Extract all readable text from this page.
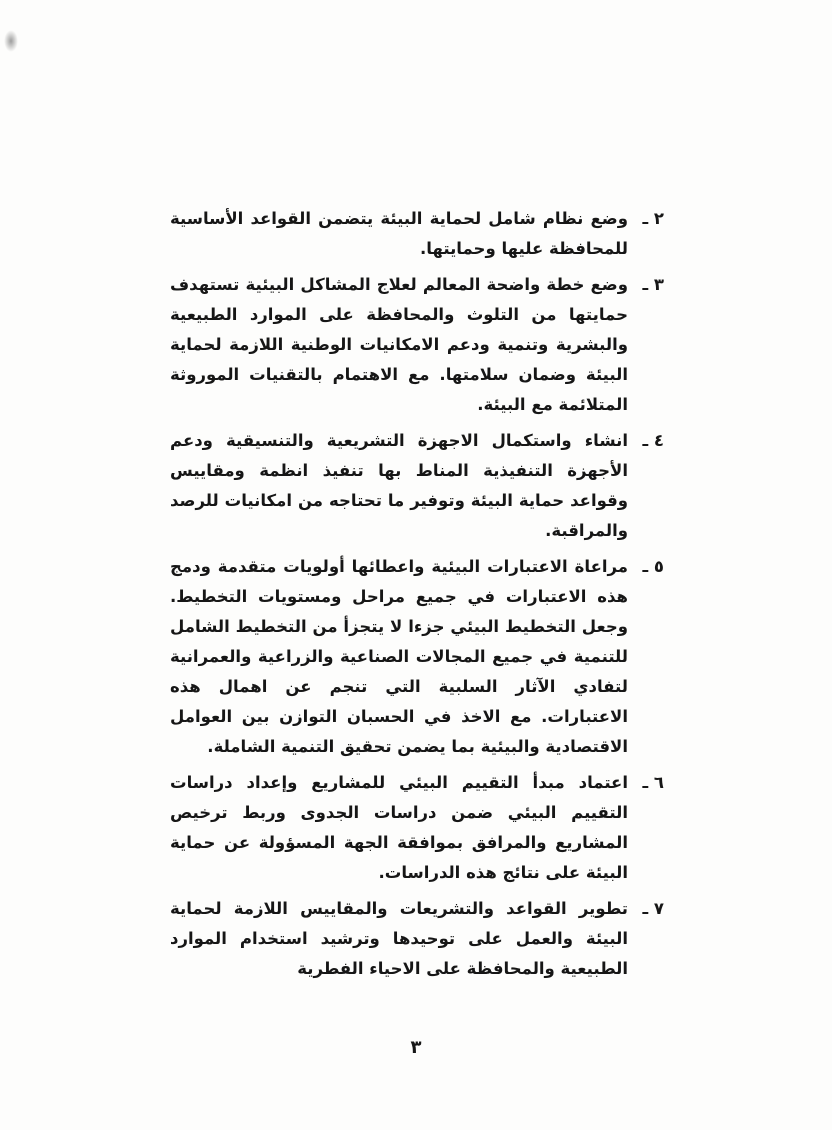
٢ ـ
وضع نظام شامل لحماية البيئة يتضمن القواعد الأساسية للمحافظة عليها وحمايتها.

٣ ـ
وضع خطة واضحة المعالم لعلاج المشاكل البيئية تستهدف حمايتها من التلوث والمحافظة على الموارد الطبيعية والبشرية وتنمية ودعم الامكانيات الوطنية اللازمة لحماية البيئة وضمان سلامتها. مع الاهتمام بالتقنيات الموروثة المتلائمة مع البيئة.

٤ ـ
انشاء واستكمال الاجهزة التشريعية والتنسيقية ودعم الأجهزة التنفيذية المناط بها تنفيذ انظمة ومقاييس وقواعد حماية البيئة وتوفير ما تحتاجه من امكانيات للرصد والمراقبة.

٥ ـ
مراعاة الاعتبارات البيئية واعطائها أولويات متقدمة ودمج هذه الاعتبارات في جميع مراحل ومستويات التخطيط. وجعل التخطيط البيئي جزءا لا يتجزأ من التخطيط الشامل للتنمية في جميع المجالات الصناعية والزراعية والعمرانية لتفادي الآثار السلبية التي تنجم عن اهمال هذه الاعتبارات. مع الاخذ في الحسبان التوازن بين العوامل الاقتصادية والبيئية بما يضمن تحقيق التنمية الشاملة.

٦ ـ
اعتماد مبدأ التقييم البيئي للمشاريع وإعداد دراسات التقييم البيئي ضمن دراسات الجدوى وربط ترخيص المشاريع والمرافق بموافقة الجهة المسؤولة عن حماية البيئة على نتائج هذه الدراسات.

٧ ـ
تطوير القواعد والتشريعات والمقاييس اللازمة لحماية البيئة والعمل على توحيدها وترشيد استخدام الموارد الطبيعية والمحافظة على الاحياء الفطرية

٣
